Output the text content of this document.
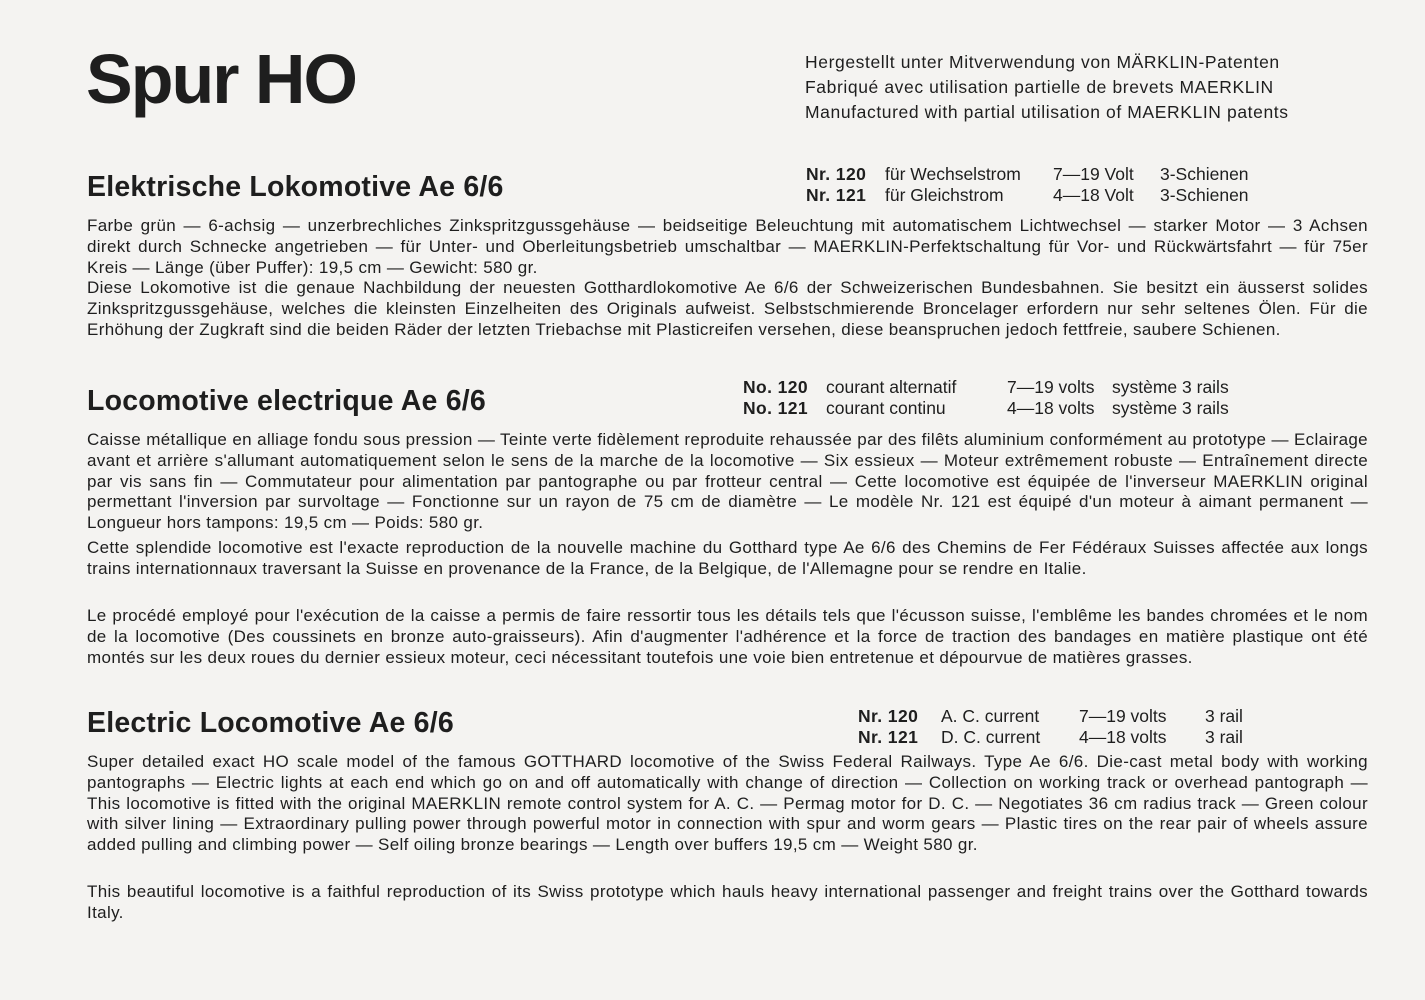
Spur HO	Hergestellt unter Mitverwendung von MÄRKLIN-Patenten
Fabriqué avec utilisation partielle de brevets MAERKLIN
Manufactured with partial utilisation of MAERKLIN patents
Elektrische Lokomotive Ae 6/6	Nr. 120	für Wechselstrom	7—19 Volt	3-Schienen
Nr. 121	für Gleichstrom	4—18 Volt	3-Schienen

Farbe grün — 6-achsig — unzerbrechliches Zinkspritzgussgehäuse — beidseitige Beleuchtung mit automatischem Lichtwechsel — starker Motor — 3 Achsen direkt durch Schnecke angetrieben — für Unter- und Oberleitungsbetrieb umschaltbar — MAERKLIN-Perfektschaltung für Vor- und Rückwärtsfahrt — für 75er Kreis — Länge (über Puffer): 19,5 cm — Gewicht: 580 gr.

Diese Lokomotive ist die genaue Nachbildung der neuesten Gotthardlokomotive Ae 6/6 der Schweizerischen Bundesbahnen. Sie besitzt ein äusserst solides Zinkspritzgussgehäuse, welches die kleinsten Einzelheiten des Originals aufweist. Selbstschmierende Broncelager erfordern nur sehr seltenes Ölen. Für die Erhöhung der Zugkraft sind die beiden Räder der letzten Triebachse mit Plasticreifen versehen, diese beanspruchen jedoch fettfreie, saubere Schienen.

Locomotive electrique Ae 6/6	No. 120	courant alternatif	7—19 volts système 3 rails
No. 121	courant continu	4—18 volts système 3 rails

Caisse métallique en alliage fondu sous pression — Teinte verte fidèlement reproduite rehaussée par des filêts aluminium conformément au prototype — Eclairage avant et arrière s'allumant automatiquement selon le sens de la marche de la locomotive — Six essieux — Moteur extrêmement robuste — Entraînement directe par vis sans fin — Commutateur pour alimentation par pantographe ou par frotteur central — Cette locomotive est équipée de l'inverseur MAERKLIN original permettant l'inversion par survoltage — Fonctionne sur un rayon de 75 cm de diamètre — Le modèle Nr. 121 est équipé d'un moteur à aimant permanent — Longueur hors tampons: 19,5 cm — Poids: 580 gr.

Cette splendide locomotive est l'exacte reproduction de la nouvelle machine du Gotthard type Ae 6/6 des Chemins de Fer Fédéraux Suisses affectée aux longs trains internationnaux traversant la Suisse en provenance de la France, de la Belgique, de l'Allemagne pour se rendre en Italie.

Le procédé employé pour l'exécution de la caisse a permis de faire ressortir tous les détails tels que l'écusson suisse, l'emblême les bandes chromées et le nom de la locomotive (Des coussinets en bronze auto-graisseurs). Afin d'augmenter l'adhérence et la force de traction des bandages en matière plastique ont été montés sur les deux roues du dernier essieux moteur, ceci nécessitant toutefois une voie bien entretenue et dépourvue de matières grasses.

Electric Locomotive Ae 6/6	Nr. 120	A. C. current	7—19 volts	3 rail
Nr. 121	D. C. current	4—18 volts	3 rail

Super detailed exact HO scale model of the famous GOTTHARD locomotive of the Swiss Federal Railways. Type Ae 6/6. Die-cast metal body with working pantographs — Electric lights at each end which go on and off automatically with change of direction — Collection on working track or overhead pantograph — This locomotive is fitted with the original MAERKLIN remote control system for A. C. — Permag motor for D. C. — Negotiates 36 cm radius track — Green colour with silver lining — Extraordinary pulling power through powerful motor in connection with spur and worm gears — Plastic tires on the rear pair of wheels assure added pulling and climbing power — Self oiling bronze bearings — Length over buffers 19,5 cm — Weight 580 gr.

This beautiful locomotive is a faithful reproduction of its Swiss prototype which hauls heavy international passenger and freight trains over the Gotthard towards Italy.
